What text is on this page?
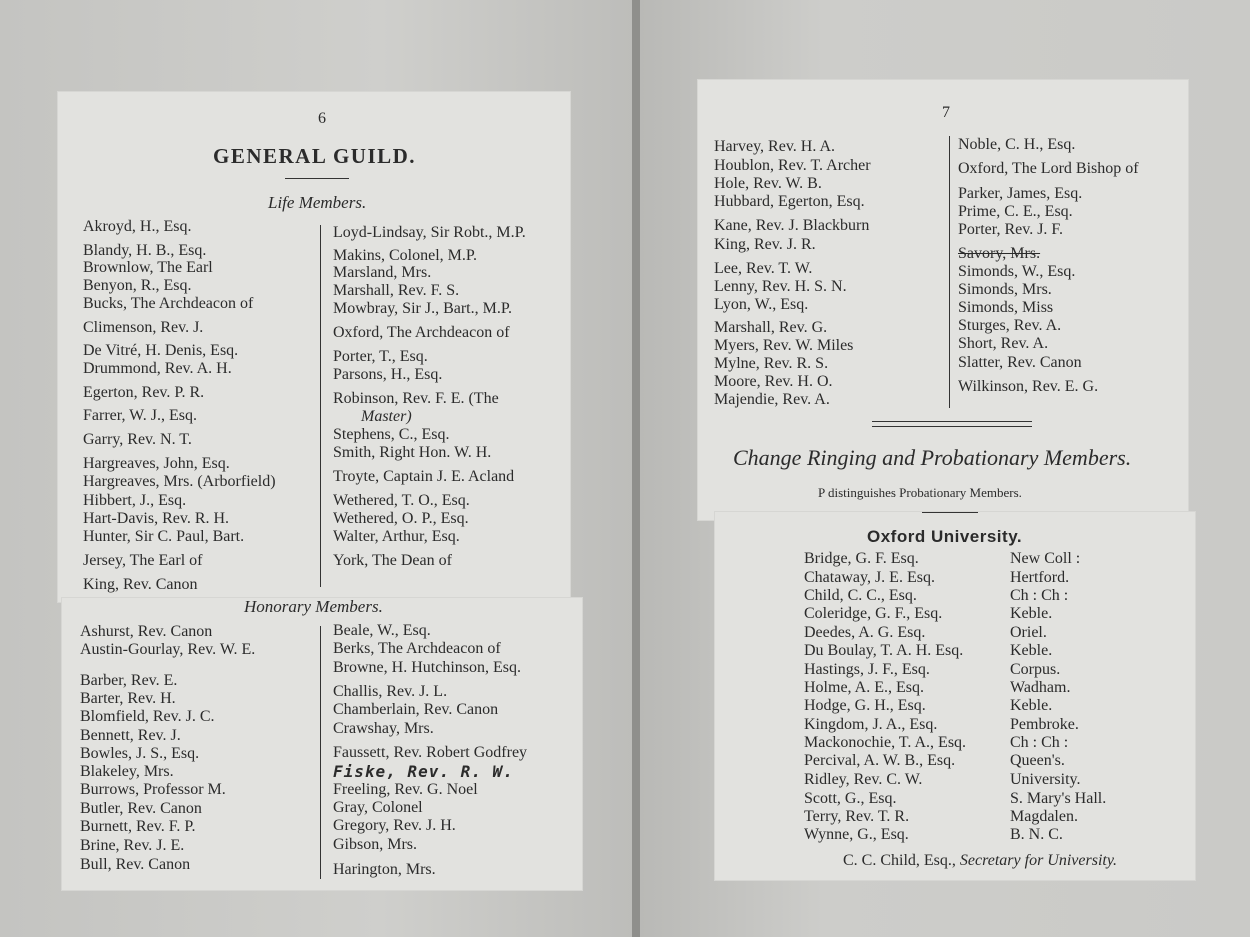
6
GENERAL GUILD.
Life Members.
Akroyd, H., Esq.
Blandy, H. B., Esq.
Brownlow, The Earl
Benyon, R., Esq.
Bucks, The Archdeacon of
Climenson, Rev. J.
De Vitré, H. Denis, Esq.
Drummond, Rev. A. H.
Egerton, Rev. P. R.
Farrer, W. J., Esq.
Garry, Rev. N. T.
Hargreaves, John, Esq.
Hargreaves, Mrs. (Arborfield)
Hibbert, J., Esq.
Hart-Davis, Rev. R. H.
Hunter, Sir C. Paul, Bart.
Jersey, The Earl of
King, Rev. Canon
Loyd-Lindsay, Sir Robt., M.P.
Makins, Colonel, M.P.
Marsland, Mrs.
Marshall, Rev. F. S.
Mowbray, Sir J., Bart., M.P.
Oxford, The Archdeacon of
Porter, T., Esq.
Parsons, H., Esq.
Robinson, Rev. F. E. (The
Master)
Stephens, C., Esq.
Smith, Right Hon. W. H.
Troyte, Captain J. E. Acland
Wethered, T. O., Esq.
Wethered, O. P., Esq.
Walter, Arthur, Esq.
York, The Dean of
Honorary Members.
Ashurst, Rev. Canon
Austin-Gourlay, Rev. W. E.
Barber, Rev. E.
Barter, Rev. H.
Blomfield, Rev. J. C.
Bennett, Rev. J.
Bowles, J. S., Esq.
Blakeley, Mrs.
Burrows, Professor M.
Butler, Rev. Canon
Burnett, Rev. F. P.
Brine, Rev. J. E.
Bull, Rev. Canon
Beale, W., Esq.
Berks, The Archdeacon of
Browne, H. Hutchinson, Esq.
Challis, Rev. J. L.
Chamberlain, Rev. Canon
Crawshay, Mrs.
Faussett, Rev. Robert Godfrey
Fiske, Rev. R. W.
Freeling, Rev. G. Noel
Gray, Colonel
Gregory, Rev. J. H.
Gibson, Mrs.
Harington, Mrs.
7
Harvey, Rev. H. A.
Houblon, Rev. T. Archer
Hole, Rev. W. B.
Hubbard, Egerton, Esq.
Kane, Rev. J. Blackburn
King, Rev. J. R.
Lee, Rev. T. W.
Lenny, Rev. H. S. N.
Lyon, W., Esq.
Marshall, Rev. G.
Myers, Rev. W. Miles
Mylne, Rev. R. S.
Moore, Rev. H. O.
Majendie, Rev. A.
Noble, C. H., Esq.
Oxford, The Lord Bishop of
Parker, James, Esq.
Prime, C. E., Esq.
Porter, Rev. J. F.
Savory, Mrs.
Simonds, W., Esq.
Simonds, Mrs.
Simonds, Miss
Sturges, Rev. A.
Short, Rev. A.
Slatter, Rev. Canon
Wilkinson, Rev. E. G.
Change Ringing and Probationary Members.
P distinguishes Probationary Members.
Oxford University.
Bridge, G. F. Esq.
Chataway, J. E. Esq.
Child, C. C., Esq.
Coleridge, G. F., Esq.
Deedes, A. G. Esq.
Du Boulay, T. A. H. Esq.
Hastings, J. F., Esq.
Holme, A. E., Esq.
Hodge, G. H., Esq.
Kingdom, J. A., Esq.
Mackonochie, T. A., Esq.
Percival, A. W. B., Esq.
Ridley, Rev. C. W.
Scott, G., Esq.
Terry, Rev. T. R.
Wynne, G., Esq.
New Coll :
Hertford.
Ch : Ch :
Keble.
Oriel.
Keble.
Corpus.
Wadham.
Keble.
Pembroke.
Ch : Ch :
Queen's.
University.
S. Mary's Hall.
Magdalen.
B. N. C.
C. C. Child, Esq., Secretary for University.
